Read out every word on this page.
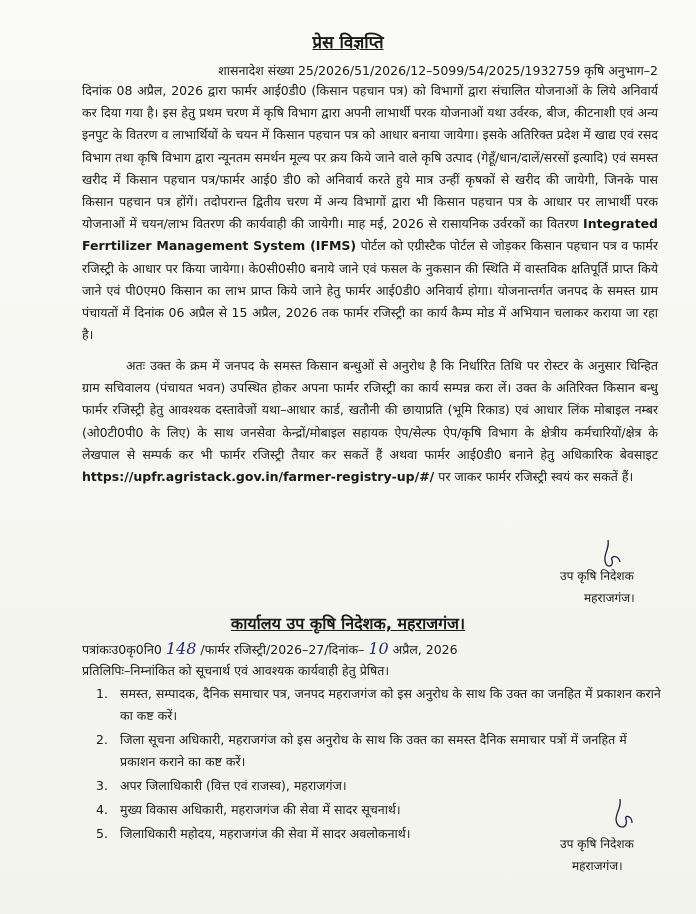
प्रेस विज्ञप्ति
शासनादेश संख्या 25/2026/51/2026/12–5099/54/2025/1932759 कृषि अनुभाग–2
दिनांक 08 अप्रैल, 2026 द्वारा फार्मर आई0डी0 (किसान पहचान पत्र) को विभागों द्वारा संचालित योजनाओं के लिये अनिवार्य कर दिया गया है। इस हेतु प्रथम चरण में कृषि विभाग द्वारा अपनी लाभार्थी परक योजनाओं यथा उर्वरक, बीज, कीटनाशी एवं अन्य इनपुट के वितरण व लाभार्थियों के चयन में किसान पहचान पत्र को आधार बनाया जायेगा। इसके अतिरिक्त प्रदेश में खाद्य एवं रसद विभाग तथा कृषि विभाग द्वारा न्यूनतम समर्थन मूल्य पर क्रय किये जाने वाले कृषि उत्पाद (गेहूँ/धान/दालें/सरसों इत्यादि) एवं समस्त खरीद में किसान पहचान पत्र/फार्मर आई0 डी0 को अनिवार्य करते हुये मात्र उन्हीं कृषकों से खरीद की जायेगी, जिनके पास किसान पहचान पत्र होंगें। तदोपरान्त द्वितीय चरण में अन्य विभागों द्वारा भी किसान पहचान पत्र के आधार पर लाभार्थी परक योजनाओं में चयन/लाभ वितरण की कार्यवाही की जायेगी। माह मई, 2026 से रासायनिक उर्वरकों का वितरण Integrated Ferrtilizer Management System (IFMS) पोर्टल को एग्रीस्टैक पोर्टल से जोड़कर किसान पहचान पत्र व फार्मर रजिस्ट्री के आधार पर किया जायेगा। के0सी0सी0 बनाये जाने एवं फसल के नुकसान की स्थिति में वास्तविक क्षतिपूर्ति प्राप्त किये जाने एवं पी0एम0 किसान का लाभ प्राप्त किये जाने हेतु फार्मर आई0डी0 अनिवार्य होगा। योजनान्तर्गत जनपद के समस्त ग्राम पंचायतों में दिनांक 06 अप्रैल से 15 अप्रैल, 2026 तक फार्मर रजिस्ट्री का कार्य कैम्प मोड में अभियान चलाकर कराया जा रहा है।
अतः उक्त के क्रम में जनपद के समस्त किसान बन्धुओं से अनुरोध है कि निर्धारित तिथि पर रोस्टर के अनुसार चिन्हित ग्राम सचिवालय (पंचायत भवन) उपस्थित होकर अपना फार्मर रजिस्ट्री का कार्य सम्पन्न करा लें। उक्त के अतिरिक्त किसान बन्धु फार्मर रजिस्ट्री हेतु आवश्यक दस्तावेजों यथा–आधार कार्ड, खतौनी की छायाप्रति (भूमि रिकाड) एवं आधार लिंक मोबाइल नम्बर (ओ0टी0पी0 के लिए) के साथ जनसेवा केन्द्रों/मोबाइल सहायक ऐप/सेल्फ ऐप/कृषि विभाग के क्षेत्रीय कर्मचारियों/क्षेत्र के लेखपाल से सम्पर्क कर भी फार्मर रजिस्ट्री तैयार कर सकतें हैं अथवा फार्मर आई0डी0 बनाने हेतु अधिकारिक बेवसाइट https://upfr.agristack.gov.in/farmer-registry-up/#/ पर जाकर फार्मर रजिस्ट्री स्वयं कर सकतें हैं।
उप कृषि निदेशक
महराजगंज।
कार्यालय उप कृषि निदेशक, महराजगंज।
पत्रांकःउ0कृ0नि0 148 /फार्मर रजिस्ट्री/2026–27/दिनांक– 10 अप्रैल, 2026
प्रतिलिपिः–निम्नांकित को सूचनार्थ एवं आवश्यक कार्यवाही हेतु प्रेषित।
1. समस्त, सम्पादक, दैनिक समाचार पत्र, जनपद महराजगंज को इस अनुरोध के साथ कि उक्त का जनहित में प्रकाशन कराने का कष्ट करें।
2. जिला सूचना अधिकारी, महराजगंज को इस अनुरोध के साथ कि उक्त का समस्त दैनिक समाचार पत्रों में जनहित में प्रकाशन कराने का कष्ट करें।
3. अपर जिलाधिकारी (वित्त एवं राजस्व), महराजगंज।
4. मुख्य विकास अधिकारी, महराजगंज की सेवा में सादर सूचनार्थ।
5. जिलाधिकारी महोदय, महराजगंज की सेवा में सादर अवलोकनार्थ।
उप कृषि निदेशक
महराजगंज।
